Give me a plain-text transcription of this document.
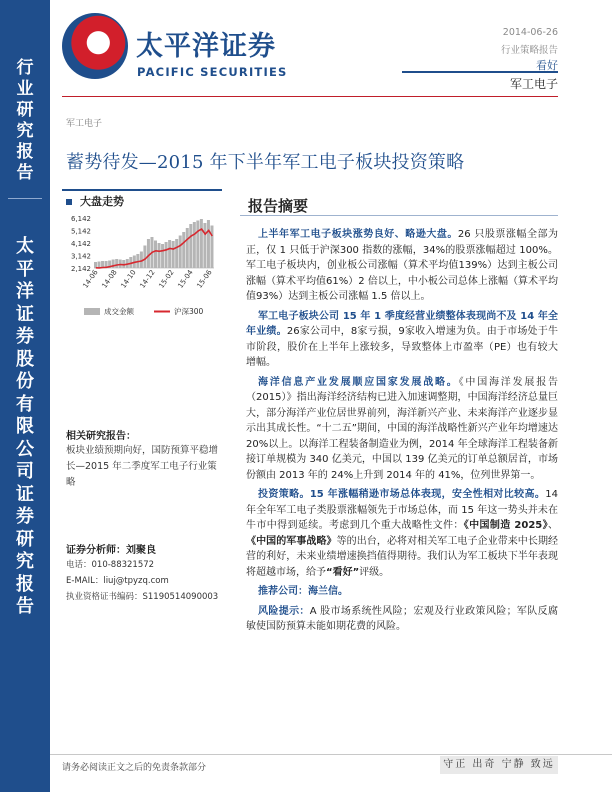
行业研究报告
太平洋证券股份有限公司证券研究报告
太平洋证券
PACIFIC SECURITIES
2014-06-26
行业策略报告
看好
军工电子
军工电子
蓄势待发—2015 年下半年军工电子板块投资策略
大盘走势
6,142
5,142
4,142
3,142
2,142
14-06 14-08 14-10 14-12 15-02 15-04 15-06
成交金额	沪深300
报告摘要

上半年军工电子板块涨势良好、略逊大盘。26 只股票涨幅全部为正，仅 1 只低于沪深300 指数的涨幅，34%的股票涨幅超过 100%。军工电子板块内，创业板公司涨幅（算术平均值139%）达到主板公司涨幅（算术平均值61%）2 倍以上，中小板公司总体上涨幅（算术平均值93%）达到主板公司涨幅 1.5 倍以上。

军工电子板块公司 15 年 1 季度经营业绩整体表现尚不及 14 年全年业绩。26家公司中，8家亏损，9家收入增速为负。由于市场处于牛市阶段，股价在上半年上涨较多，导致整体上市盈率（PE）也有较大增幅。

海洋信息产业发展顺应国家发展战略。《中国海洋发展报告（2015）》指出海洋经济结构已进入加速调整期，中国海洋经济总量巨大，部分海洋产业位居世界前列，海洋新兴产业、未来海洋产业逐步显示出其成长性。“十二五”期间，中国的海洋战略性新兴产业年均增速达 20%以上。以海洋工程装备制造业为例，2014 年全球海洋工程装备新接订单规模为 340 亿美元，中国以 139 亿美元的订单总额居首，市场份额由 2013 年的 24%上升到 2014 年的 41%，位列世界第一。

投资策略。15 年涨幅稍逊市场总体表现，安全性相对比较高。14 年全年军工电子类股票涨幅领先于市场总体，而 15 年这一势头并未在牛市中得到延续。考虑到几个重大战略性文件：《中国制造 2025》、《中国的军事战略》等的出台，必将对相关军工电子企业带来中长期经营的利好，未来业绩增速换挡值得期待。我们认为军工板块下半年表现将超越市场，给予“看好”评级。

推荐公司：海兰信。

风险提示：A 股市场系统性风险；宏观及行业政策风险；军队反腐敏使国防预算未能如期花费的风险。

相关研究报告：
板块业绩预期向好，国防预算平稳增长—2015 年二季度军工电子行业策略
证券分析师：刘聚良
电话：010-88321572
E-MAIL：liuj@tpyzq.com
执业资格证书编码：S1190514090003
请务必阅读正文之后的免责条款部分	守正 出奇 宁静 致远
